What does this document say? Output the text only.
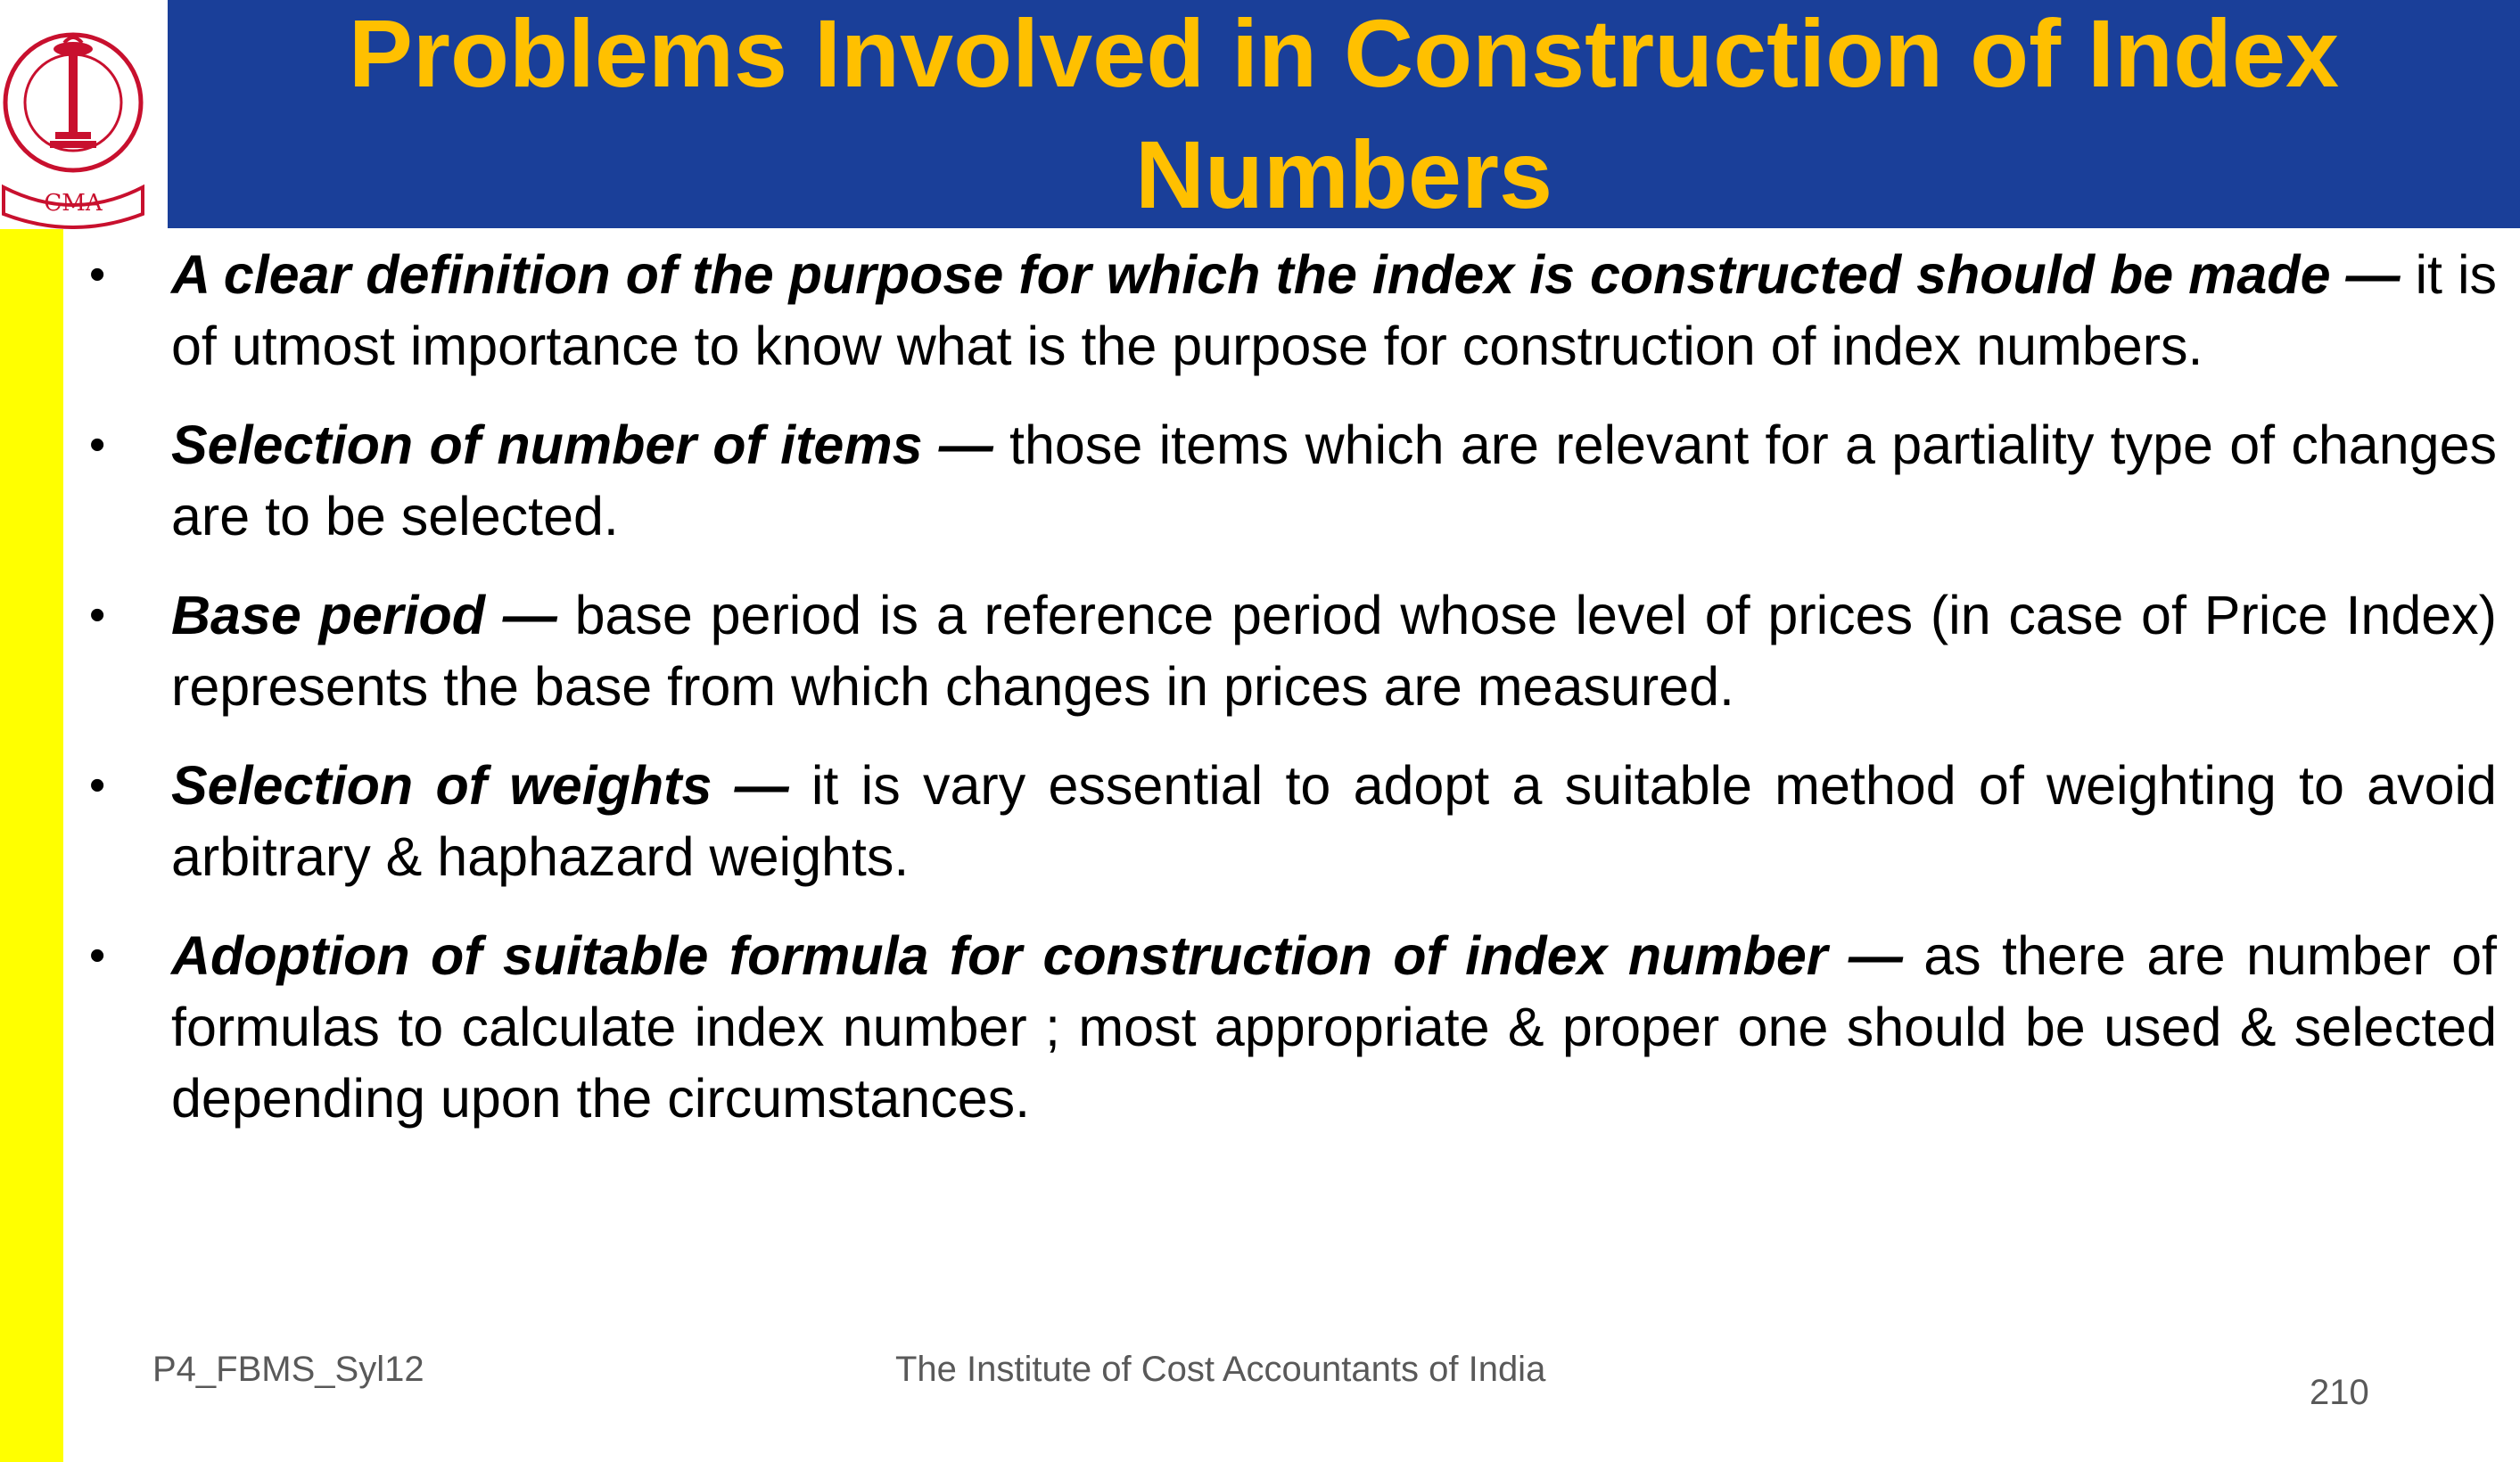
CMA
Problems Involved in Construction of Index Numbers
•	A clear definition of the purpose for which the index is constructed should be made — it is of utmost importance to know what is the purpose for construction of index numbers.
•	Selection of number of items — those items which are relevant for a partiality type of changes are to be selected.
•	Base period — base period is a reference period whose level of prices (in case of Price Index) represents the base from which changes in prices are measured.
•	Selection of weights — it is vary essential to adopt a suitable method of weighting to avoid arbitrary & haphazard weights.
•	Adoption of suitable formula for construction of index number — as there are number of formulas to calculate index number ; most appropriate & proper one should be used & selected depending upon the circumstances.
P4_FBMS_Syl12	The Institute of Cost Accountants of India
210
